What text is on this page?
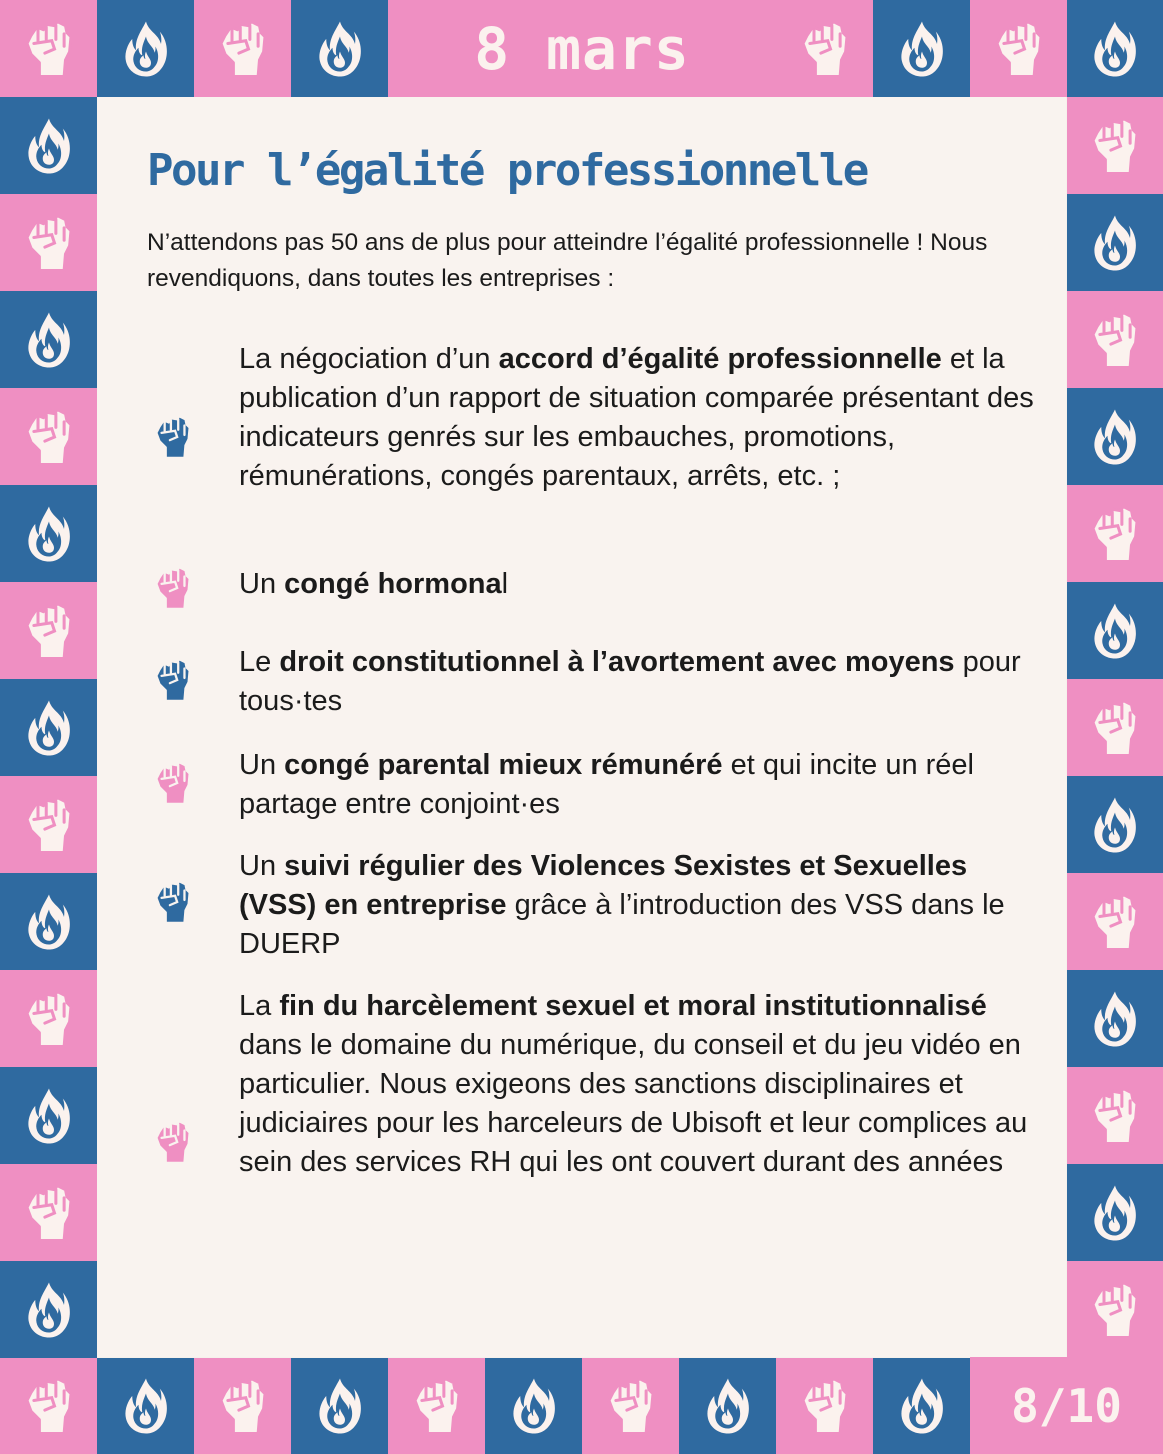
8 mars
8/10
Pour l’égalité professionnelle

N’attendons pas 50 ans de plus pour atteindre l’égalité professionnelle ! Nous revendiquons, dans toutes les entreprises :

La négociation d’un accord d’égalité professionnelle et la publication d’un rapport de situation comparée présentant des indicateurs genrés sur les embauches, promotions, rémunérations, congés parentaux, arrêts, etc. ;

Un congé hormonal

Le droit constitutionnel à l’avortement avec moyens pour tous·tes

Un congé parental mieux rémunéré et qui incite un réel partage entre conjoint·es

Un suivi régulier des Violences Sexistes et Sexuelles (VSS) en entreprise grâce à l’introduction des VSS dans le DUERP

La fin du harcèlement sexuel et moral institutionnalisé dans le domaine du numérique, du conseil et du jeu vidéo en particulier. Nous exigeons des sanctions disciplinaires et judiciaires pour les harceleurs de Ubisoft et leur complices au sein des services RH qui les ont couvert durant des années
